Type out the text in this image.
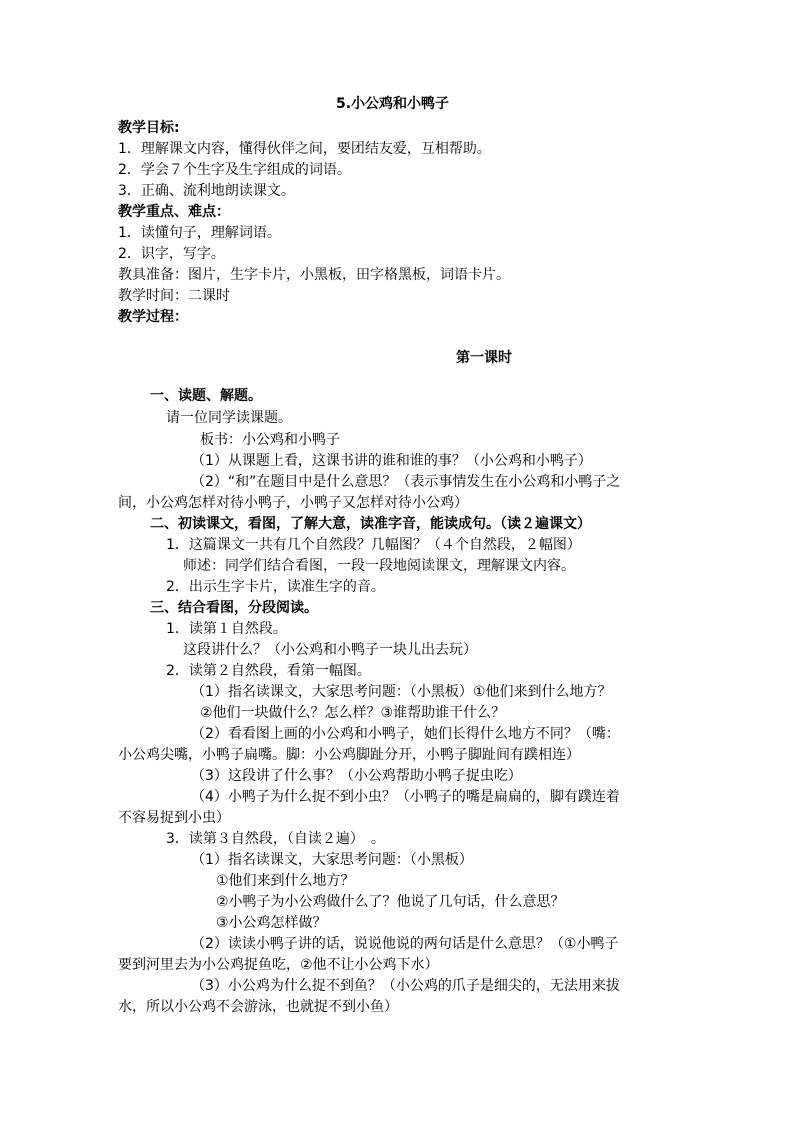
5.小公鸡和小鸭子
教学目标:
1．理解课文内容，懂得伙伴之间，要团结友爱，互相帮助。
2．学会７个生字及生字组成的词语。
3．正确、流利地朗读课文。
教学重点、难点：
1．读懂句子，理解词语。
2．识字，写字。
教具准备：图片，生字卡片，小黑板，田字格黑板，词语卡片。
教学时间：二课时
教学过程：
第一课时
一、读题、解题。
请一位同学读课题。
板书：小公鸡和小鸭子
（1）从课题上看，这课书讲的谁和谁的事？（小公鸡和小鸭子）
（2）“和”在题目中是什么意思？（表示事情发生在小公鸡和小鸭子之
间，小公鸡怎样对待小鸭子，小鸭子又怎样对待小公鸡）
二、初读课文，看图，了解大意，读准字音，能读成句。（读２遍课文）
1．这篇课文一共有几个自然段？几幅图？（４个自然段，２幅图）
师述：同学们结合看图，一段一段地阅读课文，理解课文内容。
2．出示生字卡片，读准生字的音。
三、结合看图，分段阅读。
1．读第１自然段。
这段讲什么？（小公鸡和小鸭子一块儿出去玩）
2．读第２自然段，看第一幅图。
（1）指名读课文，大家思考问题：（小黑板）①他们来到什么地方？
②他们一块做什么？怎么样？③谁帮助谁干什么？
（2）看看图上画的小公鸡和小鸭子，她们长得什么地方不同？（嘴：
小公鸡尖嘴，小鸭子扁嘴。脚：小公鸡脚趾分开，小鸭子脚趾间有蹼相连）
（3）这段讲了什么事？（小公鸡帮助小鸭子捉虫吃）
（4）小鸭子为什么捉不到小虫？（小鸭子的嘴是扁扁的，脚有蹼连着
不容易捉到小虫）
3．读第３自然段，（自读２遍）　。
（1）指名读课文，大家思考问题：（小黑板）
①他们来到什么地方？
②小鸭子为小公鸡做什么了？他说了几句话，什么意思？
③小公鸡怎样做？
（2）读读小鸭子讲的话，说说他说的两句话是什么意思？（①小鸭子
要到河里去为小公鸡捉鱼吃，②他不让小公鸡下水）
（3）小公鸡为什么捉不到鱼？（小公鸡的爪子是细尖的，无法用来拔
水，所以小公鸡不会游泳，也就捉不到小鱼）
